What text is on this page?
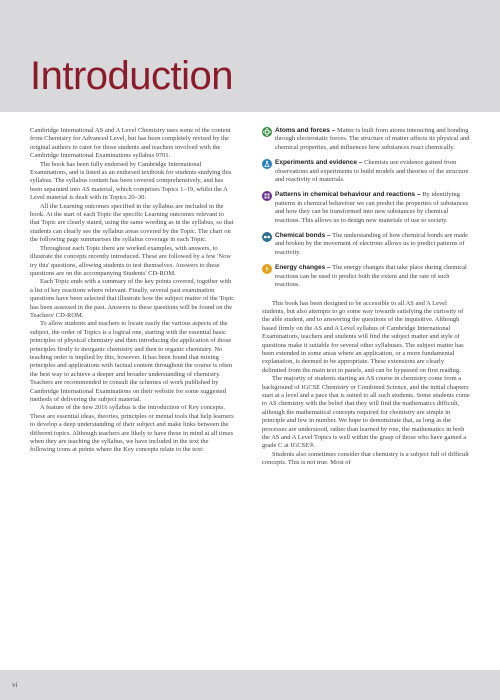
Introduction

Cambridge International AS and A Level Chemistry uses some of the content from Chemistry for Advanced Level, but has been completely revised by the original authors to cater for those students and teachers involved with the Cambridge International Examinations syllabus 9701.

The book has been fully endorsed by Cambridge International Examinations, and is listed as an endorsed textbook for students studying this syllabus. The syllabus content has been covered comprehensively, and has been separated into AS material, which comprises Topics 1–19, whilst the A Level material is dealt with in Topics 20–30.

All the Learning outcomes specified in the syllabus are included in the book. At the start of each Topic the specific Learning outcomes relevant to that Topic are clearly stated, using the same wording as in the syllabus, so that students can clearly see the syllabus areas covered by the Topic. The chart on the following page summarises the syllabus coverage in each Topic.

Throughout each Topic there are worked examples, with answers, to illustrate the concepts recently introduced. These are followed by a few 'Now try this' questions, allowing students to test themselves. Answers to these questions are on the accompanying Students' CD-ROM.

Each Topic ends with a summary of the key points covered, together with a list of key reactions where relevant. Finally, several past examination questions have been selected that illustrate how the subject matter of the Topic has been assessed in the past. Answers to these questions will be found on the Teachers' CD-ROM.

To allow students and teachers to locate easily the various aspects of the subject, the order of Topics is a logical one, starting with the essential basic principles of physical chemistry and then introducing the application of those principles firstly to inorganic chemistry and then to organic chemistry. No teaching order is implied by this, however. It has been found that mixing principles and applications with factual content throughout the course is often the best way to achieve a deeper and broader understanding of chemistry. Teachers are recommended to consult the schemes of work published by Cambridge International Examinations on their website for some suggested methods of delivering the subject material.

A feature of the new 2016 syllabus is the introduction of Key concepts. These are essential ideas, theories, principles or mental tools that help learners to develop a deep understanding of their subject and make links between the different topics. Although teachers are likely to have these in mind at all times when they are teaching the syllabus, we have included in the text the following icons at points where the Key concepts relate to the text:

Atoms and forces – Matter is built from atoms interacting and bonding through electrostatic forces. The structure of matter affects its physical and chemical properties, and influences how substances react chemically.
Experiments and evidence – Chemists use evidence gained from observations and experiments to build models and theories of the structure and reactivity of materials.
Patterns in chemical behaviour and reactions – By identifying patterns in chemical behaviour we can predict the properties of substances and how they can be transformed into new substances by chemical reactions. This allows us to design new materials of use to society.
Chemical bonds – The understanding of how chemical bonds are made and broken by the movement of electrons allows us to predict patterns of reactivity.
Energy changes – The energy changes that take place during chemical reactions can be used to predict both the extent and the rate of such reactions.

This book has been designed to be accessible to all AS and A Level students, but also attempts to go some way towards satisfying the curiosity of the able student, and to answering the questions of the inquisitive. Although based firmly on the AS and A Level syllabus of Cambridge International Examinations, teachers and students will find the subject matter and style of questions make it suitable for several other syllabuses. The subject matter has been extended in some areas where an application, or a more fundamental explanation, is deemed to be appropriate. These extensions are clearly delimited from the main text in panels, and can be bypassed on first reading.

The majority of students starting an AS course in chemistry come from a background of IGCSE Chemistry or Combined Science, and the initial chapters start at a level and a pace that is suited to all such students. Some students come to AS chemistry with the belief that they will find the mathematics difficult, although the mathematical concepts required for chemistry are simple in principle and few in number. We hope to demonstrate that, as long as the processes are understood, rather than learned by rote, the mathematics in both the AS and A Level Topics is well within the grasp of those who have gained a grade C at IGCSE®.

Students also sometimes consider that chemistry is a subject full of difficult concepts. This is not true. Most of

vi
